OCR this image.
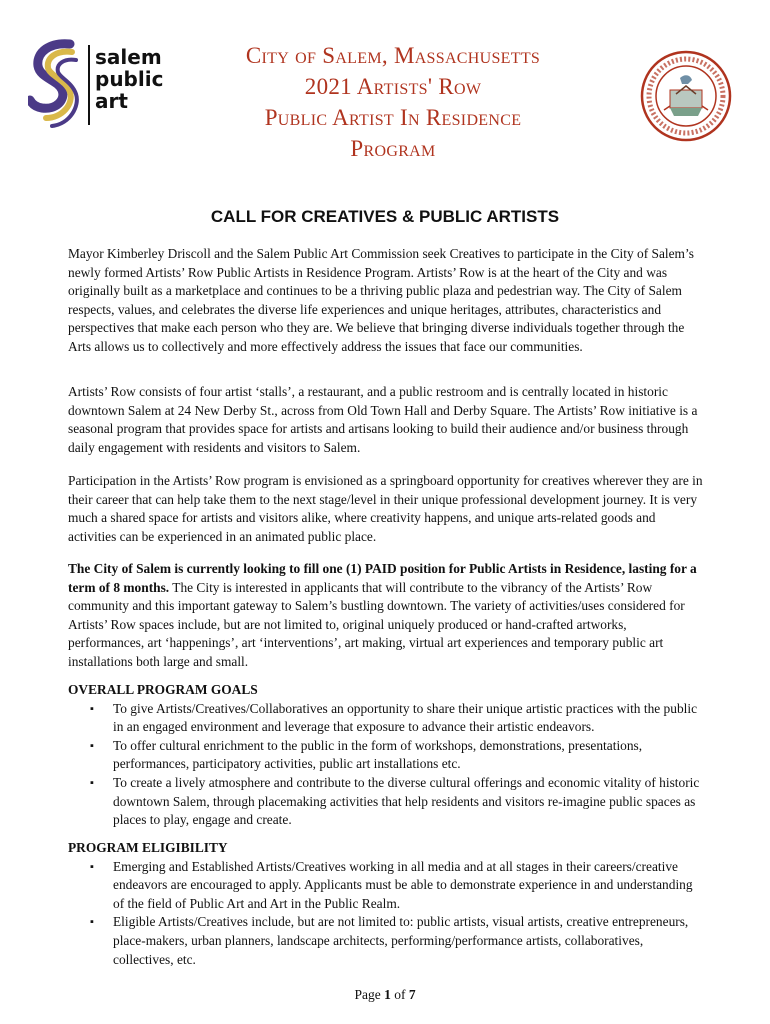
salem
public
art
City of Salem, Massachusetts
2021 Artists' Row
Public Artist In Residence
Program
CALL FOR CREATIVES & PUBLIC ARTISTS

Mayor Kimberley Driscoll and the Salem Public Art Commission seek Creatives to participate in the City of Salem’s newly formed Artists’ Row Public Artists in Residence Program. Artists’ Row is at the heart of the City and was originally built as a marketplace and continues to be a thriving public plaza and pedestrian way. The City of Salem respects, values, and celebrates the diverse life experiences and unique heritages, attributes, characteristics and perspectives that make each person who they are. We believe that bringing diverse individuals together through the Arts allows us to collectively and more effectively address the issues that face our communities.

Artists’ Row consists of four artist ‘stalls’, a restaurant, and a public restroom and is centrally located in historic downtown Salem at 24 New Derby St., across from Old Town Hall and Derby Square. The Artists’ Row initiative is a seasonal program that provides space for artists and artisans looking to build their audience and/or business through daily engagement with residents and visitors to Salem.

Participation in the Artists’ Row program is envisioned as a springboard opportunity for creatives wherever they are in their career that can help take them to the next stage/level in their unique professional development journey. It is very much a shared space for artists and visitors alike, where creativity happens, and unique arts-related goods and activities can be experienced in an animated public place.

The City of Salem is currently looking to fill one (1) PAID position for Public Artists in Residence, lasting for a term of 8 months. The City is interested in applicants that will contribute to the vibrancy of the Artists’ Row community and this important gateway to Salem’s bustling downtown. The variety of activities/uses considered for Artists’ Row spaces include, but are not limited to, original uniquely produced or hand-crafted artworks, performances, art ‘happenings’, art ‘interventions’, art making, virtual art experiences and temporary public art installations both large and small.

OVERALL PROGRAM GOALS

▪ To give Artists/Creatives/Collaboratives an opportunity to share their unique artistic practices with the public in an engaged environment and leverage that exposure to advance their artistic endeavors.
▪ To offer cultural enrichment to the public in the form of workshops, demonstrations, presentations, performances, participatory activities, public art installations etc.
▪ To create a lively atmosphere and contribute to the diverse cultural offerings and economic vitality of historic downtown Salem, through placemaking activities that help residents and visitors re-imagine public spaces as places to play, engage and create.

PROGRAM ELIGIBILITY

▪ Emerging and Established Artists/Creatives working in all media and at all stages in their careers/creative endeavors are encouraged to apply. Applicants must be able to demonstrate experience in and understanding of the field of Public Art and Art in the Public Realm.
▪ Eligible Artists/Creatives include, but are not limited to: public artists, visual artists, creative entrepreneurs, place-makers, urban planners, landscape architects, performing/performance artists, collaboratives, collectives, etc.
Page 1 of 7
